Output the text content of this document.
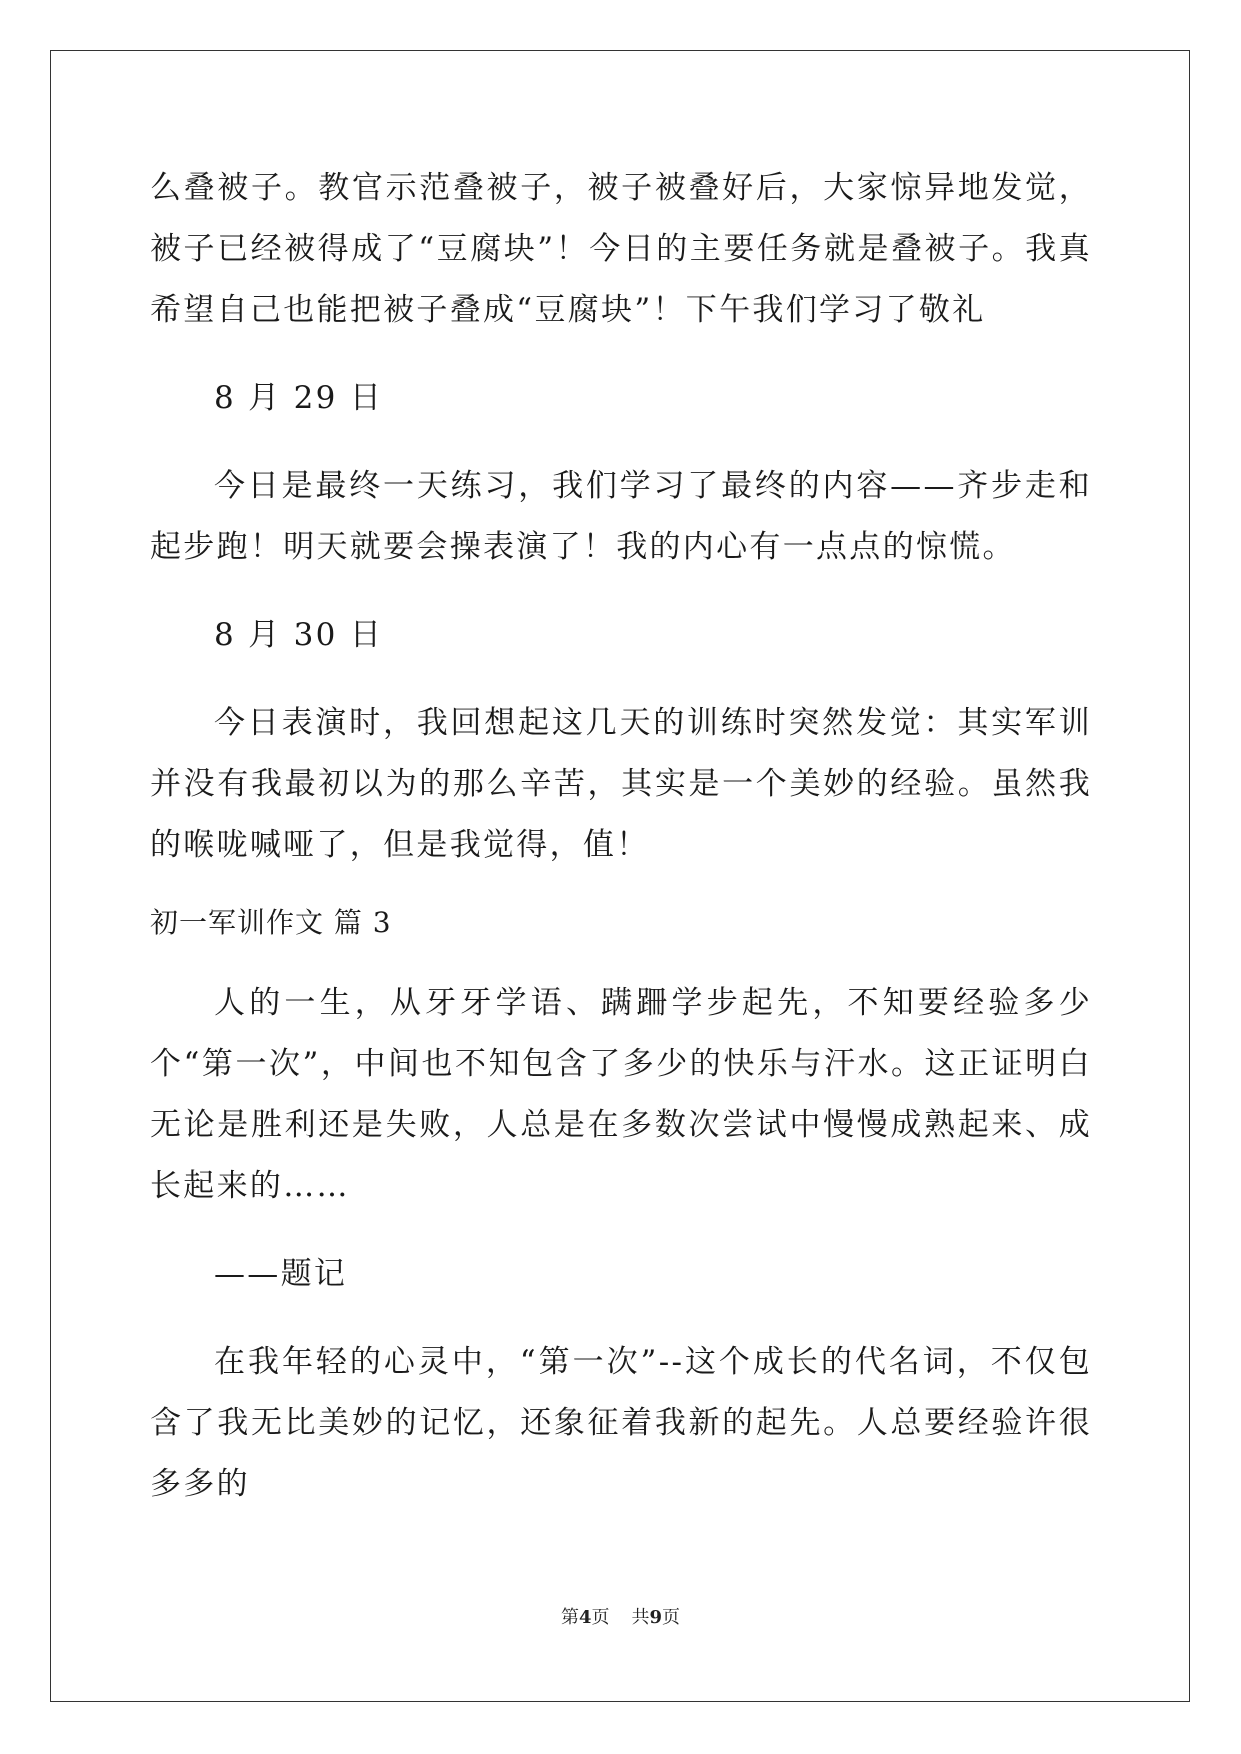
么叠被子。教官示范叠被子，被子被叠好后，大家惊异地发觉，被子已经被得成了“豆腐块”！今日的主要任务就是叠被子。我真希望自己也能把被子叠成“豆腐块”！下午我们学习了敬礼

8 月 29 日

今日是最终一天练习，我们学习了最终的内容——齐步走和起步跑！明天就要会操表演了！我的内心有一点点的惊慌。

8 月 30 日

今日表演时，我回想起这几天的训练时突然发觉：其实军训并没有我最初以为的那么辛苦，其实是一个美妙的经验。虽然我的喉咙喊哑了，但是我觉得，值！

初一军训作文 篇 3

人的一生，从牙牙学语、蹒跚学步起先，不知要经验多少个“第一次”，中间也不知包含了多少的快乐与汗水。这正证明白无论是胜利还是失败，人总是在多数次尝试中慢慢成熟起来、成长起来的……

——题记

在我年轻的心灵中，“第一次”--这个成长的代名词，不仅包含了我无比美妙的记忆，还象征着我新的起先。人总要经验许很多多的

第4页 共9页
